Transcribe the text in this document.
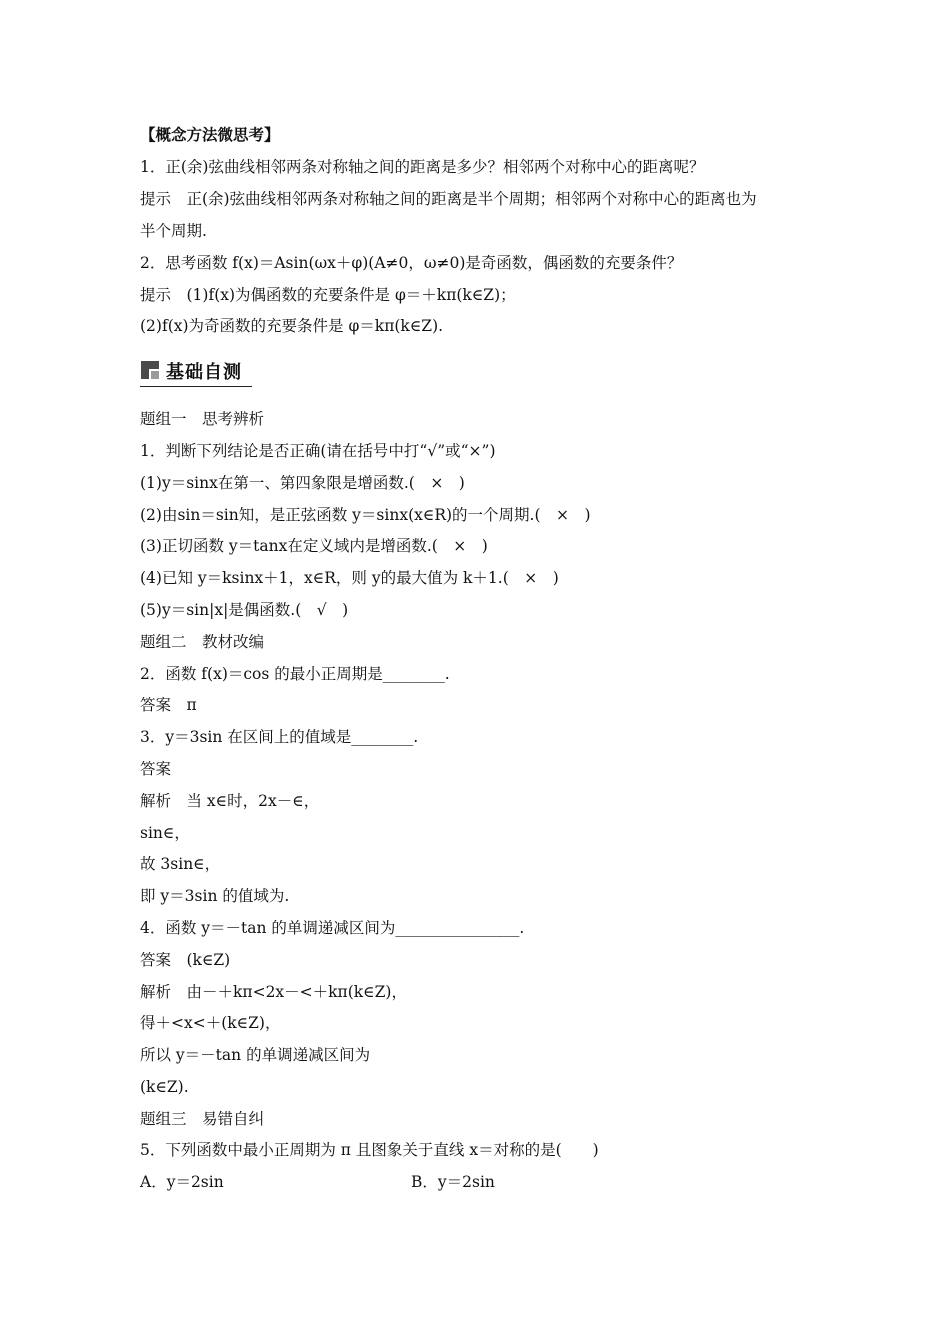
【概念方法微思考】
1．正(余)弦曲线相邻两条对称轴之间的距离是多少？相邻两个对称中心的距离呢？
提示　正(余)弦曲线相邻两条对称轴之间的距离是半个周期；相邻两个对称中心的距离也为
半个周期.
2．思考函数 f(x)＝Asin(ωx＋φ)(A≠0，ω≠0)是奇函数，偶函数的充要条件？
提示　(1)f(x)为偶函数的充要条件是 φ＝＋kπ(k∈Z)；
(2)f(x)为奇函数的充要条件是 φ＝kπ(k∈Z).
基础自测
题组一　思考辨析
1．判断下列结论是否正确(请在括号中打“√”或“×”)
(1)y＝sinx在第一、第四象限是增函数.(　×　)
(2)由sin＝sin知，是正弦函数 y＝sinx(x∈R)的一个周期.(　×　)
(3)正切函数 y＝tanx在定义域内是增函数.(　×　)
(4)已知 y＝ksinx＋1，x∈R，则 y的最大值为 k＋1.(　×　)
(5)y＝sin|x|是偶函数.(　√　)
题组二　教材改编
2．函数 f(x)＝cos 的最小正周期是________.
答案　π
3．y＝3sin 在区间上的值域是________.
答案
解析　当 x∈时，2x－∈，
sin∈，
故 3sin∈，
即 y＝3sin 的值域为.
4．函数 y＝－tan 的单调递减区间为________________.
答案　(k∈Z)
解析　由－＋kπ<2x－<＋kπ(k∈Z)，
得＋<x<＋(k∈Z)，
所以 y＝－tan 的单调递减区间为
(k∈Z).
题组三　易错自纠
5．下列函数中最小正周期为 π 且图象关于直线 x＝对称的是(　　)
A．y＝2sin	B．y＝2sin
